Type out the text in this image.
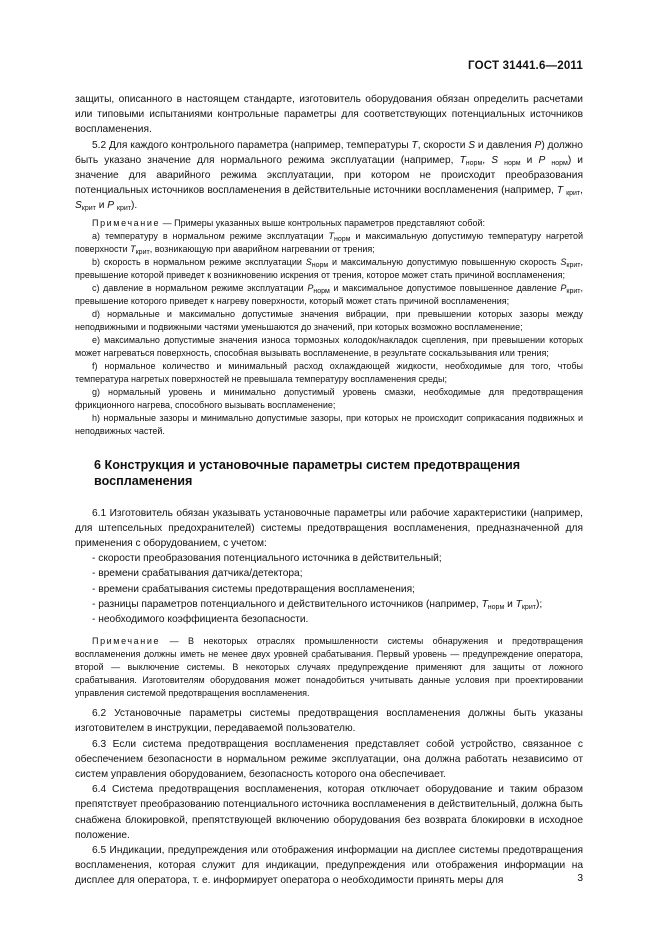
ГОСТ 31441.6—2011

защиты, описанного в настоящем стандарте, изготовитель оборудования обязан определить расчетами или типовыми испытаниями контрольные параметры для соответствующих потенциальных источников воспламенения.

5.2 Для каждого контрольного параметра (например, температуры T, скорости S и давления P) должно быть указано значение для нормального режима эксплуатации (например, $T_{норм}$, S $_{норм}$ и P $_{норм}$) и значение для аварийного режима эксплуатации, при котором не происходит преобразования потенциальных источников воспламенения в действительные источники воспламенения (например, T $_{крит}$, $S_{крит}$ и P $_{крит}$).

Примечание — Примеры указанных выше контрольных параметров представляют собой:

a) температуру в нормальном режиме эксплуатации $T_{норм}$ и максимальную допустимую температуру нагретой поверхности $T_{крит}$, возникающую при аварийном нагревании от трения;

b) скорость в нормальном режиме эксплуатации $S_{норм}$ и максимальную допустимую повышенную скорость $S_{крит}$, превышение которой приведет к возникновению искрения от трения, которое может стать причиной воспламенения;

c) давление в нормальном режиме эксплуатации $P_{норм}$ и максимальное допустимое повышенное давление $P_{крит}$, превышение которого приведет к нагреву поверхности, который может стать причиной воспламенения;

d) нормальные и максимально допустимые значения вибрации, при превышении которых зазоры между неподвижными и подвижными частями уменьшаются до значений, при которых возможно воспламенение;

e) максимально допустимые значения износа тормозных колодок/накладок сцепления, при превышении которых может нагреваться поверхность, способная вызывать воспламенение, в результате соскальзывания или трения;

f) нормальное количество и минимальный расход охлаждающей жидкости, необходимые для того, чтобы температура нагретых поверхностей не превышала температуру воспламенения среды;

g) нормальный уровень и минимально допустимый уровень смазки, необходимые для предотвращения фрикционного нагрева, способного вызывать воспламенение;

h) нормальные зазоры и минимально допустимые зазоры, при которых не происходит соприкасания подвижных и неподвижных частей.

6 Конструкция и установочные параметры систем предотвращения воспламенения

6.1 Изготовитель обязан указывать установочные параметры или рабочие характеристики (например, для штепсельных предохранителей) системы предотвращения воспламенения, предназначенной для применения с оборудованием, с учетом:

- скорости преобразования потенциального источника в действительный;
- времени срабатывания датчика/детектора;
- времени срабатывания системы предотвращения воспламенения;
- разницы параметров потенциального и действительного источников (например, $T_{норм}$ и $T_{крит}$);
- необходимого коэффициента безопасности.

Примечание — В некоторых отраслях промышленности системы обнаружения и предотвращения воспламенения должны иметь не менее двух уровней срабатывания. Первый уровень — предупреждение оператора, второй — выключение системы. В некоторых случаях предупреждение применяют для защиты от ложного срабатывания. Изготовителям оборудования может понадобиться учитывать данные условия при проектировании управления системой предотвращения воспламенения.

6.2 Установочные параметры системы предотвращения воспламенения должны быть указаны изготовителем в инструкции, передаваемой пользователю.

6.3 Если система предотвращения воспламенения представляет собой устройство, связанное с обеспечением безопасности в нормальном режиме эксплуатации, она должна работать независимо от систем управления оборудованием, безопасность которого она обеспечивает.

6.4 Система предотвращения воспламенения, которая отключает оборудование и таким образом препятствует преобразованию потенциального источника воспламенения в действительный, должна быть снабжена блокировкой, препятствующей включению оборудования без возврата блокировки в исходное положение.

6.5 Индикации, предупреждения или отображения информации на дисплее системы предотвращения воспламенения, которая служит для индикации, предупреждения или отображения информации на дисплее для оператора, т. е. информирует оператора о необходимости принять меры для	3
